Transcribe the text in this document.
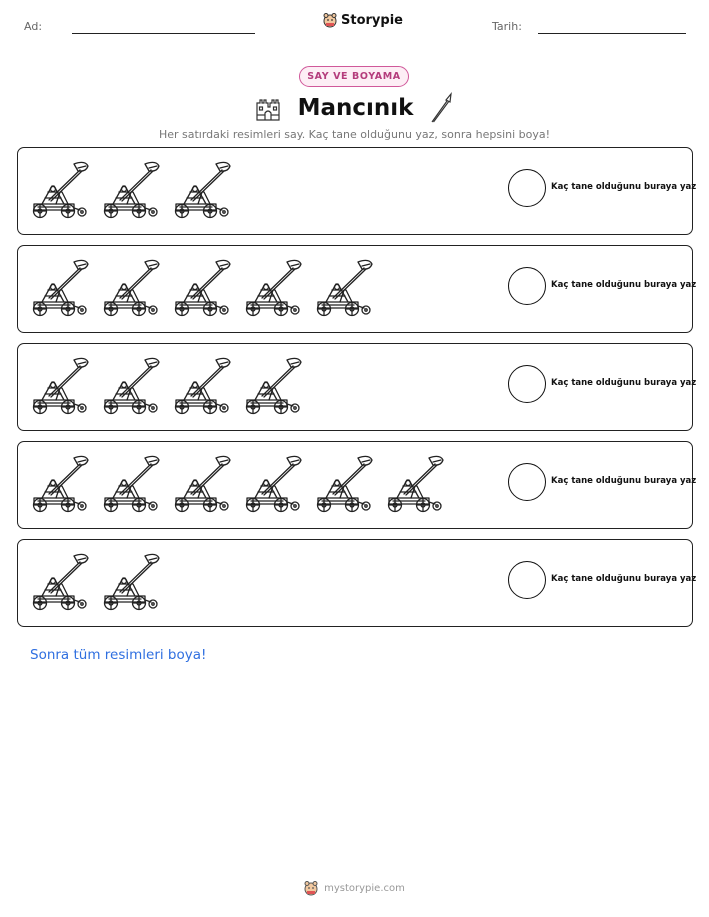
Ad:	Storypie	Tarih:
SAY VE BOYAMA
Mancınık
Her satırdaki resimleri say. Kaç tane olduğunu yaz, sonra hepsini boya!
Kaç tane olduğunu buraya yaz
Kaç tane olduğunu buraya yaz
Kaç tane olduğunu buraya yaz
Kaç tane olduğunu buraya yaz
Kaç tane olduğunu buraya yaz
Sonra tüm resimleri boya!
mystorypie.com
